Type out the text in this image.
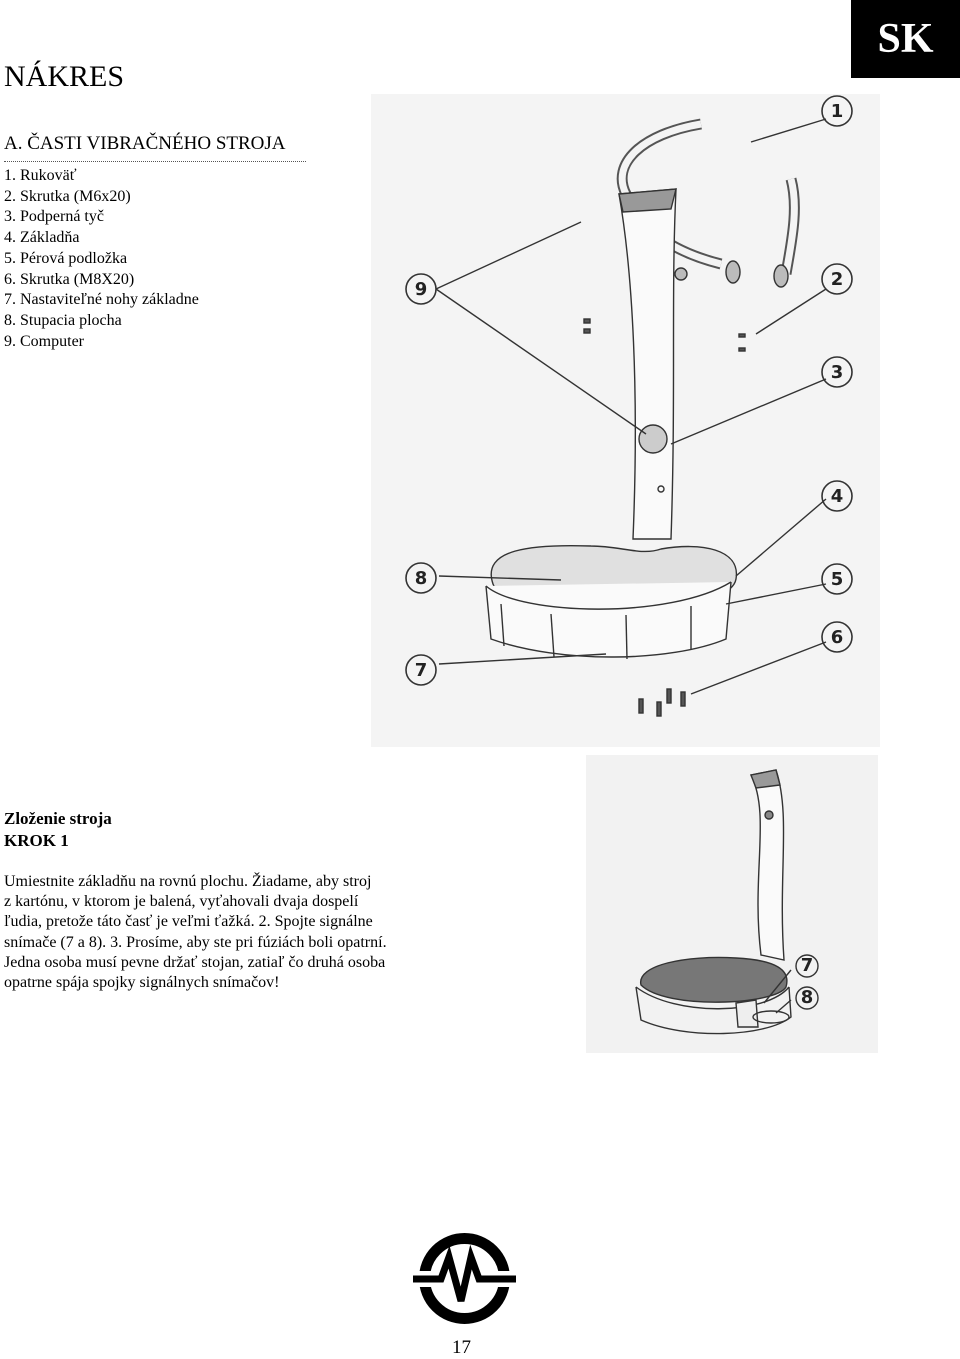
SK
NÁKRES
A. ČASTI VIBRAČNÉHO STROJA
1. Rukoväť
2. Skrutka (M6x20)
3. Podperná tyč
4. Základňa
5. Pérová podložka
6. Skrutka (M8X20)
7. Nastaviteľné nohy základne
8. Stupacia plocha
9. Computer
1
2
3
4
5
6
7
8
9
Zloženie stroja
KROK 1

Umiestnite základňu na rovnú plochu. Žiadame, aby stroj
z kartónu, v ktorom je balená, vyťahovali dvaja dospelí
ľudia, pretože táto časť je veľmi ťažká. 2. Spojte signálne
snímače (7 a 8). 3. Prosíme, aby ste pri fúziách boli opatrní.
Jedna osoba musí pevne držať stojan, zatiaľ čo druhá osoba
opatrne spája spojky signálnych snímačov!

7
8
17
